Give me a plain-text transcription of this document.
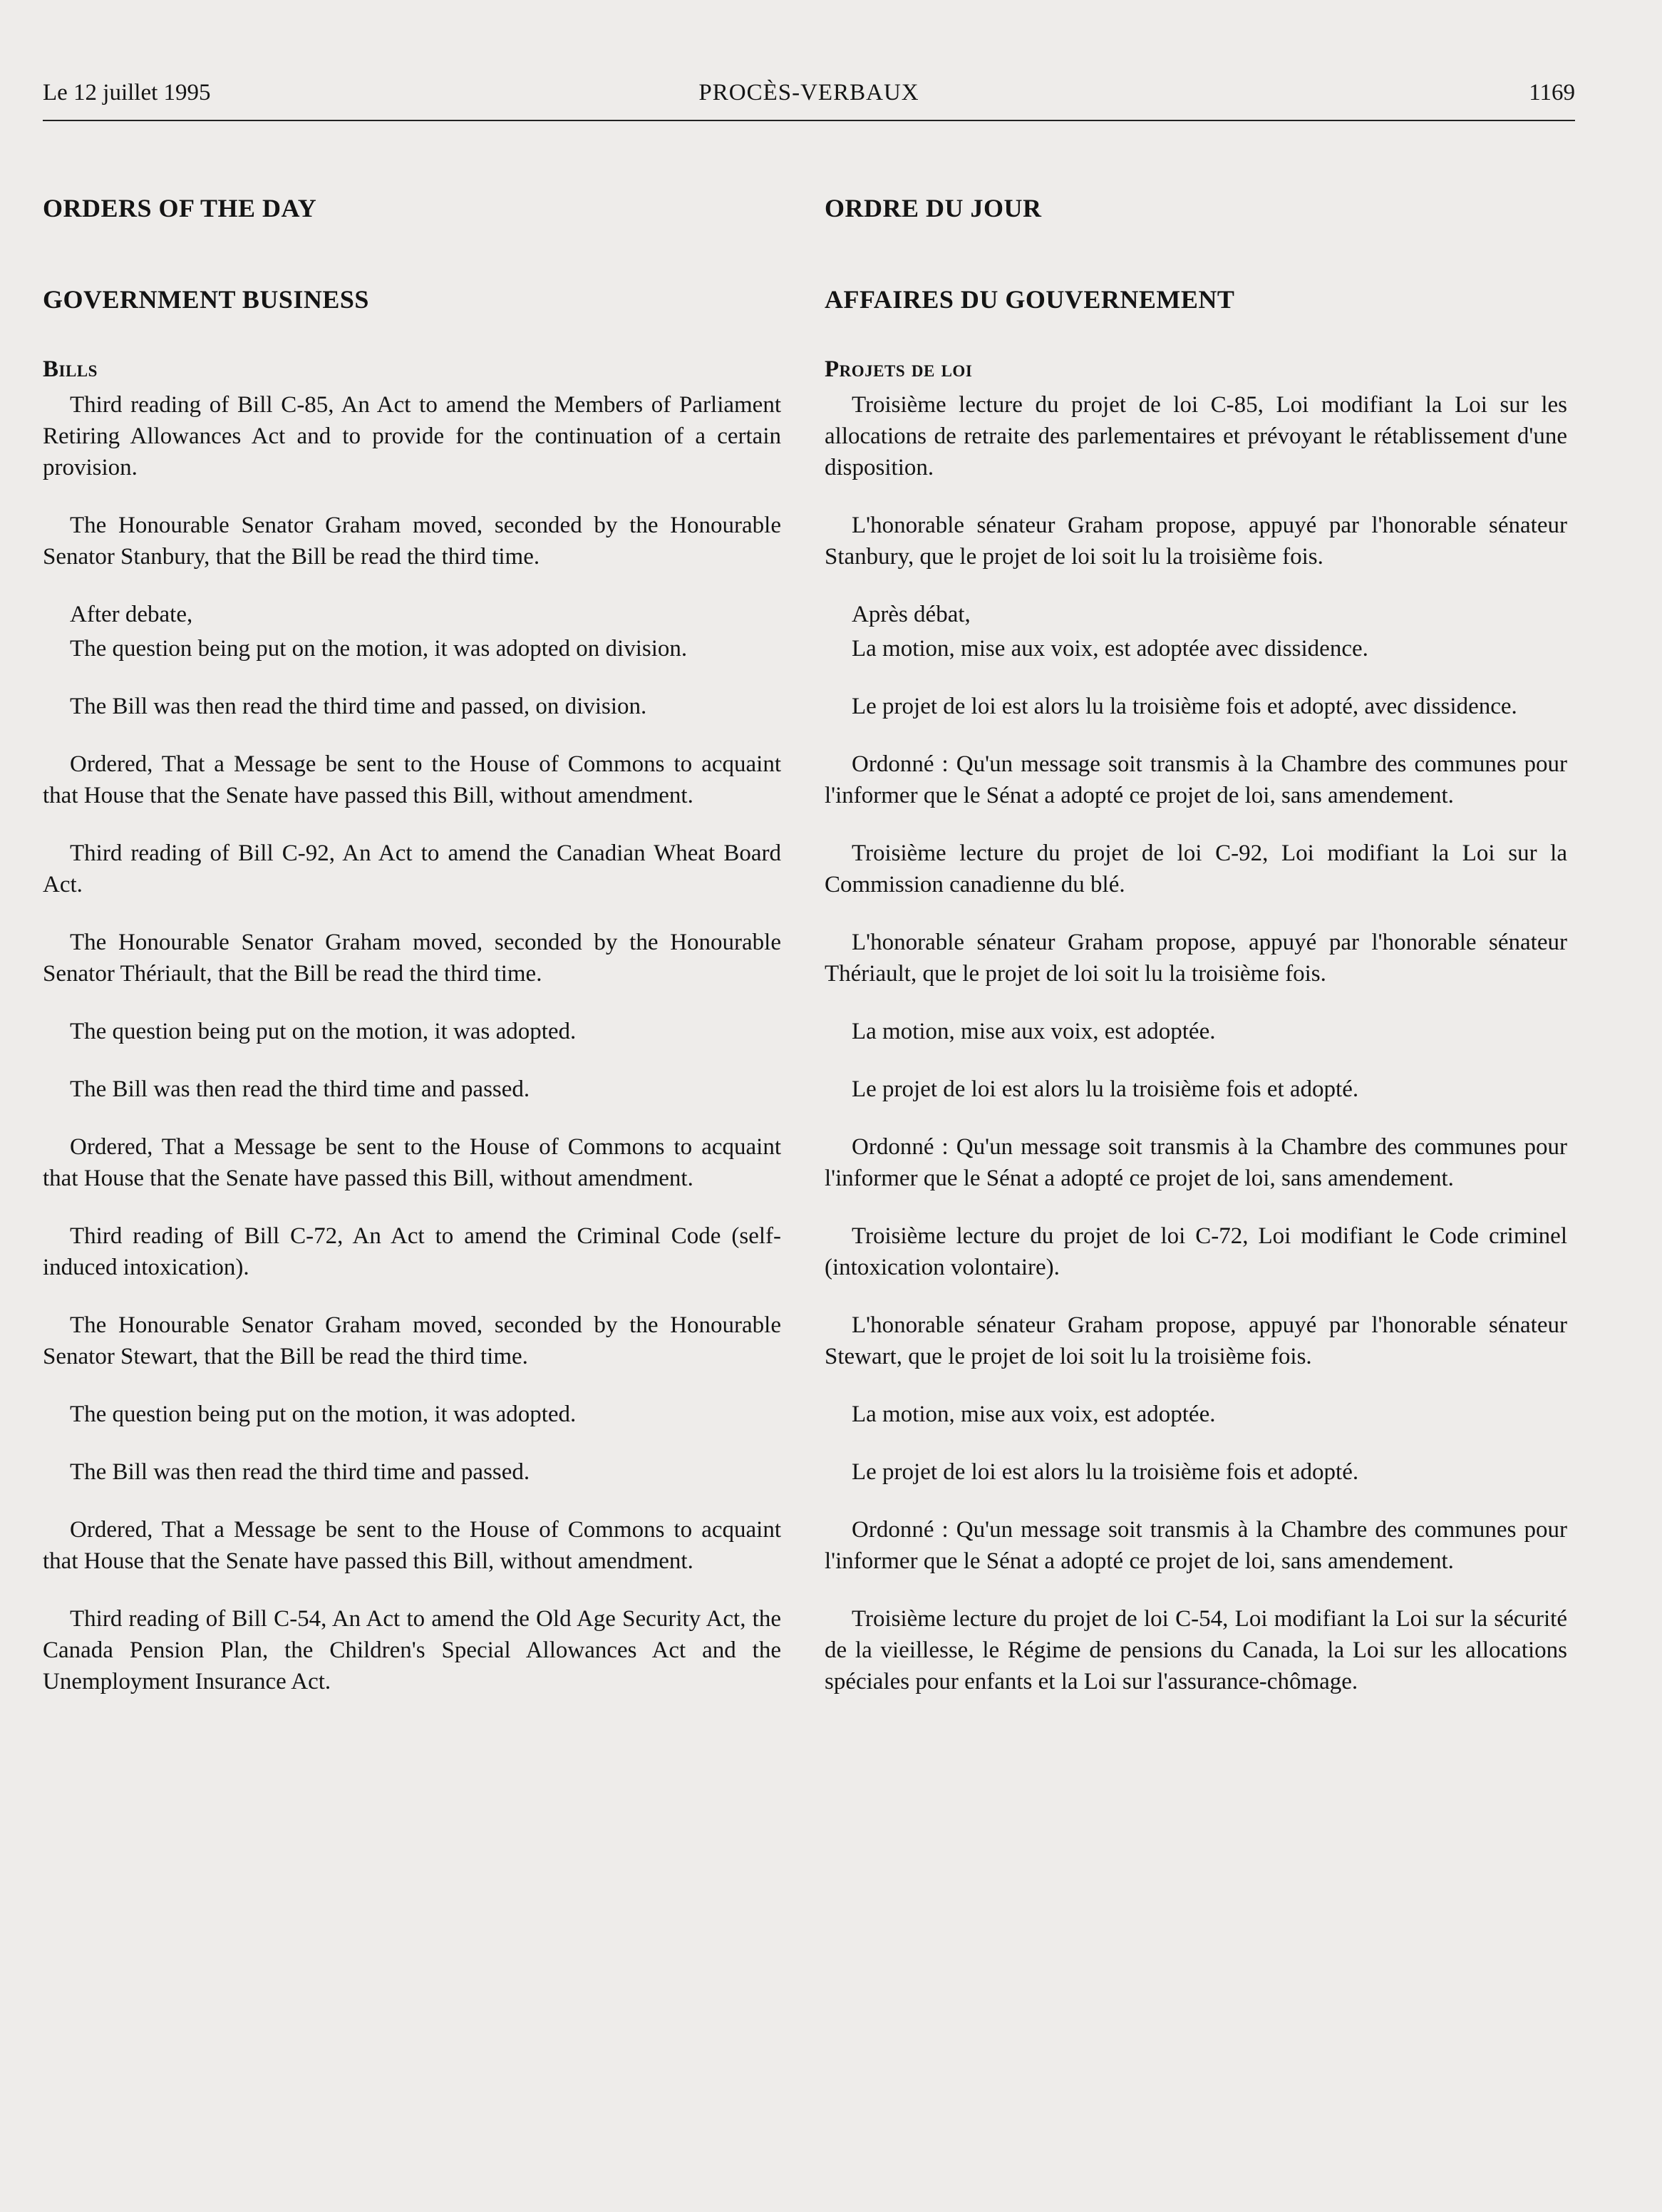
Le 12 juillet 1995	PROCÈS-VERBAUX	1169
ORDERS OF THE DAY
GOVERNMENT BUSINESS
Bills

Third reading of Bill C-85, An Act to amend the Members of Parliament Retiring Allowances Act and to provide for the continuation of a certain provision.

The Honourable Senator Graham moved, seconded by the Honourable Senator Stanbury, that the Bill be read the third time.

After debate,

The question being put on the motion, it was adopted on division.

The Bill was then read the third time and passed, on division.

Ordered, That a Message be sent to the House of Commons to acquaint that House that the Senate have passed this Bill, without amendment.

Third reading of Bill C-92, An Act to amend the Canadian Wheat Board Act.

The Honourable Senator Graham moved, seconded by the Honourable Senator Thériault, that the Bill be read the third time.

The question being put on the motion, it was adopted.

The Bill was then read the third time and passed.

Ordered, That a Message be sent to the House of Commons to acquaint that House that the Senate have passed this Bill, without amendment.

Third reading of Bill C-72, An Act to amend the Criminal Code (self-induced intoxication).

The Honourable Senator Graham moved, seconded by the Honourable Senator Stewart, that the Bill be read the third time.

The question being put on the motion, it was adopted.

The Bill was then read the third time and passed.

Ordered, That a Message be sent to the House of Commons to acquaint that House that the Senate have passed this Bill, without amendment.

Third reading of Bill C-54, An Act to amend the Old Age Security Act, the Canada Pension Plan, the Children's Special Allowances Act and the Unemployment Insurance Act.

ORDRE DU JOUR
AFFAIRES DU GOUVERNEMENT
Projets de loi

Troisième lecture du projet de loi C-85, Loi modifiant la Loi sur les allocations de retraite des parlementaires et prévoyant le rétablissement d'une disposition.

L'honorable sénateur Graham propose, appuyé par l'honorable sénateur Stanbury, que le projet de loi soit lu la troisième fois.

Après débat,

La motion, mise aux voix, est adoptée avec dissidence.

Le projet de loi est alors lu la troisième fois et adopté, avec dissidence.

Ordonné : Qu'un message soit transmis à la Chambre des communes pour l'informer que le Sénat a adopté ce projet de loi, sans amendement.

Troisième lecture du projet de loi C-92, Loi modifiant la Loi sur la Commission canadienne du blé.

L'honorable sénateur Graham propose, appuyé par l'honorable sénateur Thériault, que le projet de loi soit lu la troisième fois.

La motion, mise aux voix, est adoptée.

Le projet de loi est alors lu la troisième fois et adopté.

Ordonné : Qu'un message soit transmis à la Chambre des communes pour l'informer que le Sénat a adopté ce projet de loi, sans amendement.

Troisième lecture du projet de loi C-72, Loi modifiant le Code criminel (intoxication volontaire).

L'honorable sénateur Graham propose, appuyé par l'honorable sénateur Stewart, que le projet de loi soit lu la troisième fois.

La motion, mise aux voix, est adoptée.

Le projet de loi est alors lu la troisième fois et adopté.

Ordonné : Qu'un message soit transmis à la Chambre des communes pour l'informer que le Sénat a adopté ce projet de loi, sans amendement.

Troisième lecture du projet de loi C-54, Loi modifiant la Loi sur la sécurité de la vieillesse, le Régime de pensions du Canada, la Loi sur les allocations spéciales pour enfants et la Loi sur l'assurance-chômage.
